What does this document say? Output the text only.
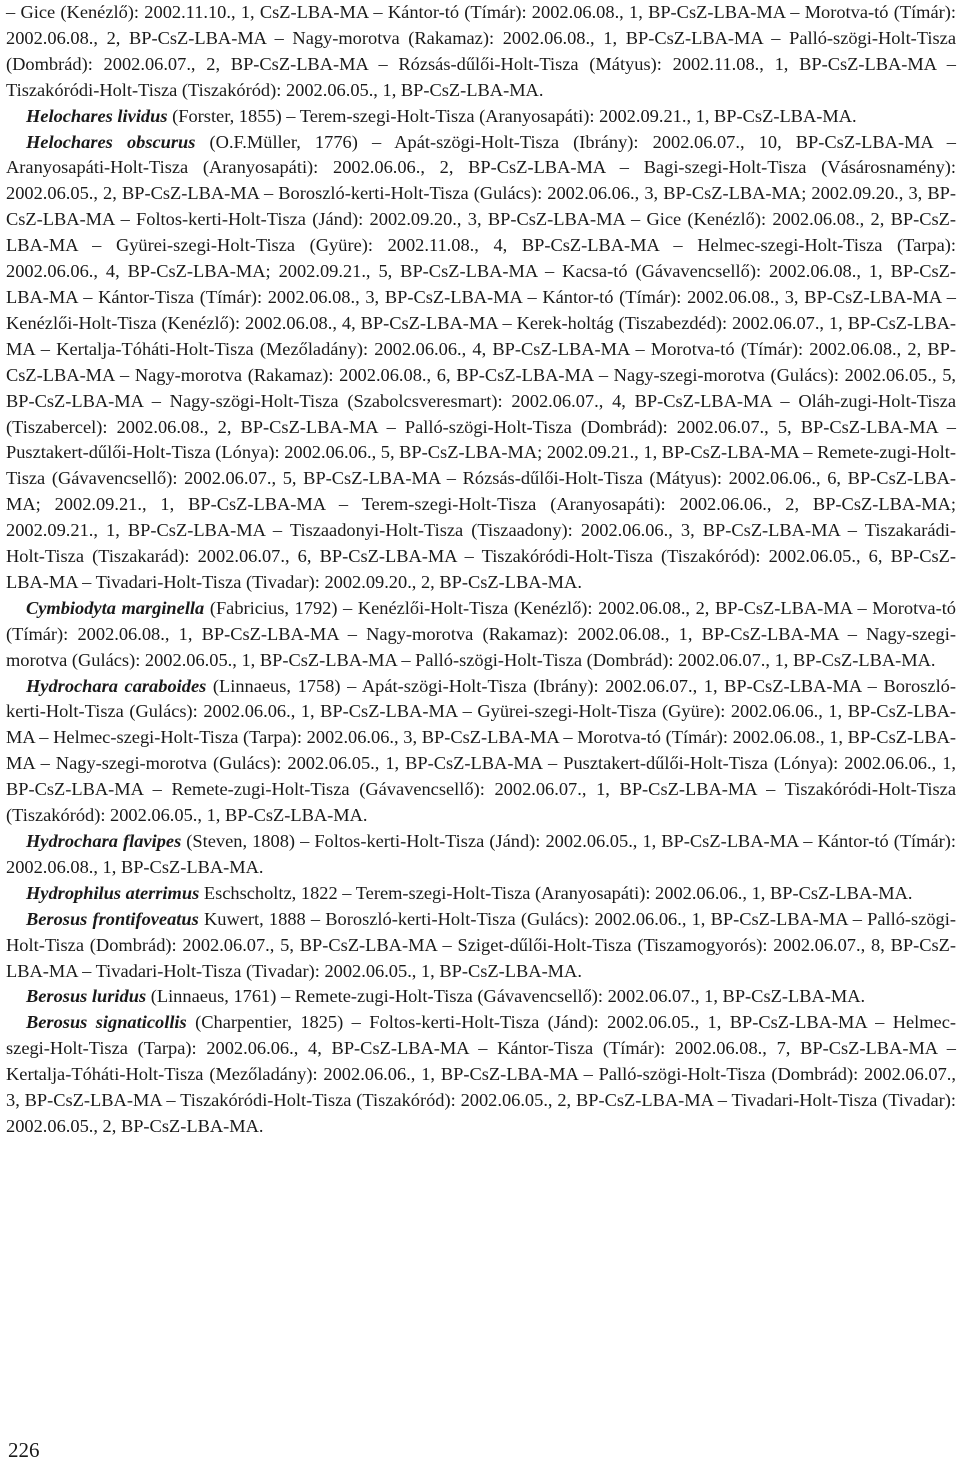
– Gice (Kenézlő): 2002.11.10., 1, CsZ-LBA-MA – Kántor-tó (Tímár): 2002.06.08., 1, BP-CsZ-LBA-MA – Morotva-tó (Tímár): 2002.06.08., 2, BP-CsZ-LBA-MA – Nagy-morotva (Rakamaz): 2002.06.08., 1, BP-CsZ-LBA-MA – Palló-szögi-Holt-Tisza (Dombrád): 2002.06.07., 2, BP-CsZ-LBA-MA – Rózsás-dűlői-Holt-Tisza (Mátyus): 2002.11.08., 1, BP-CsZ-LBA-MA – Tiszakóródi-Holt-Tisza (Tiszakóród): 2002.06.05., 1, BP-CsZ-LBA-MA.

Helochares lividus (Forster, 1855) – Terem-szegi-Holt-Tisza (Aranyosapáti): 2002.09.21., 1, BP-CsZ-LBA-MA.

Helochares obscurus (O.F.Müller, 1776) – Apát-szögi-Holt-Tisza (Ibrány): 2002.06.07., 10, BP-CsZ-LBA-MA – Aranyosapáti-Holt-Tisza (Aranyosapáti): 2002.06.06., 2, BP-CsZ-LBA-MA – Bagi-szegi-Holt-Tisza (Vásárosnamény): 2002.06.05., 2, BP-CsZ-LBA-MA – Boroszló-kerti-Holt-Tisza (Gulács): 2002.06.06., 3, BP-CsZ-LBA-MA; 2002.09.20., 3, BP-CsZ-LBA-MA – Foltos-kerti-Holt-Tisza (Jánd): 2002.09.20., 3, BP-CsZ-LBA-MA – Gice (Kenézlő): 2002.06.08., 2, BP-CsZ-LBA-MA – Gyürei-szegi-Holt-Tisza (Gyüre): 2002.11.08., 4, BP-CsZ-LBA-MA – Helmec-szegi-Holt-Tisza (Tarpa): 2002.06.06., 4, BP-CsZ-LBA-MA; 2002.09.21., 5, BP-CsZ-LBA-MA – Kacsa-tó (Gávavencsellő): 2002.06.08., 1, BP-CsZ-LBA-MA – Kántor-Tisza (Tímár): 2002.06.08., 3, BP-CsZ-LBA-MA – Kántor-tó (Tímár): 2002.06.08., 3, BP-CsZ-LBA-MA – Kenézlői-Holt-Tisza (Kenézlő): 2002.06.08., 4, BP-CsZ-LBA-MA – Kerek-holtág (Tiszabezdéd): 2002.06.07., 1, BP-CsZ-LBA-MA – Kertalja-Tóháti-Holt-Tisza (Mezőladány): 2002.06.06., 4, BP-CsZ-LBA-MA – Morotva-tó (Tímár): 2002.06.08., 2, BP-CsZ-LBA-MA – Nagy-morotva (Rakamaz): 2002.06.08., 6, BP-CsZ-LBA-MA – Nagy-szegi-morotva (Gulács): 2002.06.05., 5, BP-CsZ-LBA-MA – Nagy-szögi-Holt-Tisza (Szabolcsveresmart): 2002.06.07., 4, BP-CsZ-LBA-MA – Oláh-zugi-Holt-Tisza (Tiszabercel): 2002.06.08., 2, BP-CsZ-LBA-MA – Palló-szögi-Holt-Tisza (Dombrád): 2002.06.07., 5, BP-CsZ-LBA-MA – Pusztakert-dűlői-Holt-Tisza (Lónya): 2002.06.06., 5, BP-CsZ-LBA-MA; 2002.09.21., 1, BP-CsZ-LBA-MA – Remete-zugi-Holt-Tisza (Gávavencsellő): 2002.06.07., 5, BP-CsZ-LBA-MA – Rózsás-dűlői-Holt-Tisza (Mátyus): 2002.06.06., 6, BP-CsZ-LBA-MA; 2002.09.21., 1, BP-CsZ-LBA-MA – Terem-szegi-Holt-Tisza (Aranyosapáti): 2002.06.06., 2, BP-CsZ-LBA-MA; 2002.09.21., 1, BP-CsZ-LBA-MA – Tiszaadonyi-Holt-Tisza (Tiszaadony): 2002.06.06., 3, BP-CsZ-LBA-MA – Tiszakarádi-Holt-Tisza (Tiszakarád): 2002.06.07., 6, BP-CsZ-LBA-MA – Tiszakóródi-Holt-Tisza (Tiszakóród): 2002.06.05., 6, BP-CsZ-LBA-MA – Tivadari-Holt-Tisza (Tivadar): 2002.09.20., 2, BP-CsZ-LBA-MA.

Cymbiodyta marginella (Fabricius, 1792) – Kenézlői-Holt-Tisza (Kenézlő): 2002.06.08., 2, BP-CsZ-LBA-MA – Morotva-tó (Tímár): 2002.06.08., 1, BP-CsZ-LBA-MA – Nagy-morotva (Rakamaz): 2002.06.08., 1, BP-CsZ-LBA-MA – Nagy-szegi-morotva (Gulács): 2002.06.05., 1, BP-CsZ-LBA-MA – Palló-szögi-Holt-Tisza (Dombrád): 2002.06.07., 1, BP-CsZ-LBA-MA.

Hydrochara caraboides (Linnaeus, 1758) – Apát-szögi-Holt-Tisza (Ibrány): 2002.06.07., 1, BP-CsZ-LBA-MA – Boroszló-kerti-Holt-Tisza (Gulács): 2002.06.06., 1, BP-CsZ-LBA-MA – Gyürei-szegi-Holt-Tisza (Gyüre): 2002.06.06., 1, BP-CsZ-LBA-MA – Helmec-szegi-Holt-Tisza (Tarpa): 2002.06.06., 3, BP-CsZ-LBA-MA – Morotva-tó (Tímár): 2002.06.08., 1, BP-CsZ-LBA-MA – Nagy-szegi-morotva (Gulács): 2002.06.05., 1, BP-CsZ-LBA-MA – Pusztakert-dűlői-Holt-Tisza (Lónya): 2002.06.06., 1, BP-CsZ-LBA-MA – Remete-zugi-Holt-Tisza (Gávavencsellő): 2002.06.07., 1, BP-CsZ-LBA-MA – Tiszakóródi-Holt-Tisza (Tiszakóród): 2002.06.05., 1, BP-CsZ-LBA-MA.

Hydrochara flavipes (Steven, 1808) – Foltos-kerti-Holt-Tisza (Jánd): 2002.06.05., 1, BP-CsZ-LBA-MA – Kántor-tó (Tímár): 2002.06.08., 1, BP-CsZ-LBA-MA.

Hydrophilus aterrimus Eschscholtz, 1822 – Terem-szegi-Holt-Tisza (Aranyosapáti): 2002.06.06., 1, BP-CsZ-LBA-MA.

Berosus frontifoveatus Kuwert, 1888 – Boroszló-kerti-Holt-Tisza (Gulács): 2002.06.06., 1, BP-CsZ-LBA-MA – Palló-szögi-Holt-Tisza (Dombrád): 2002.06.07., 5, BP-CsZ-LBA-MA – Sziget-dűlői-Holt-Tisza (Tiszamogyorós): 2002.06.07., 8, BP-CsZ-LBA-MA – Tivadari-Holt-Tisza (Tivadar): 2002.06.05., 1, BP-CsZ-LBA-MA.

Berosus luridus (Linnaeus, 1761) – Remete-zugi-Holt-Tisza (Gávavencsellő): 2002.06.07., 1, BP-CsZ-LBA-MA.

Berosus signaticollis (Charpentier, 1825) – Foltos-kerti-Holt-Tisza (Jánd): 2002.06.05., 1, BP-CsZ-LBA-MA – Helmec-szegi-Holt-Tisza (Tarpa): 2002.06.06., 4, BP-CsZ-LBA-MA – Kántor-Tisza (Tímár): 2002.06.08., 7, BP-CsZ-LBA-MA – Kertalja-Tóháti-Holt-Tisza (Mezőladány): 2002.06.06., 1, BP-CsZ-LBA-MA – Palló-szögi-Holt-Tisza (Dombrád): 2002.06.07., 3, BP-CsZ-LBA-MA – Tiszakóródi-Holt-Tisza (Tiszakóród): 2002.06.05., 2, BP-CsZ-LBA-MA – Tivadari-Holt-Tisza (Tivadar): 2002.06.05., 2, BP-CsZ-LBA-MA.

226
